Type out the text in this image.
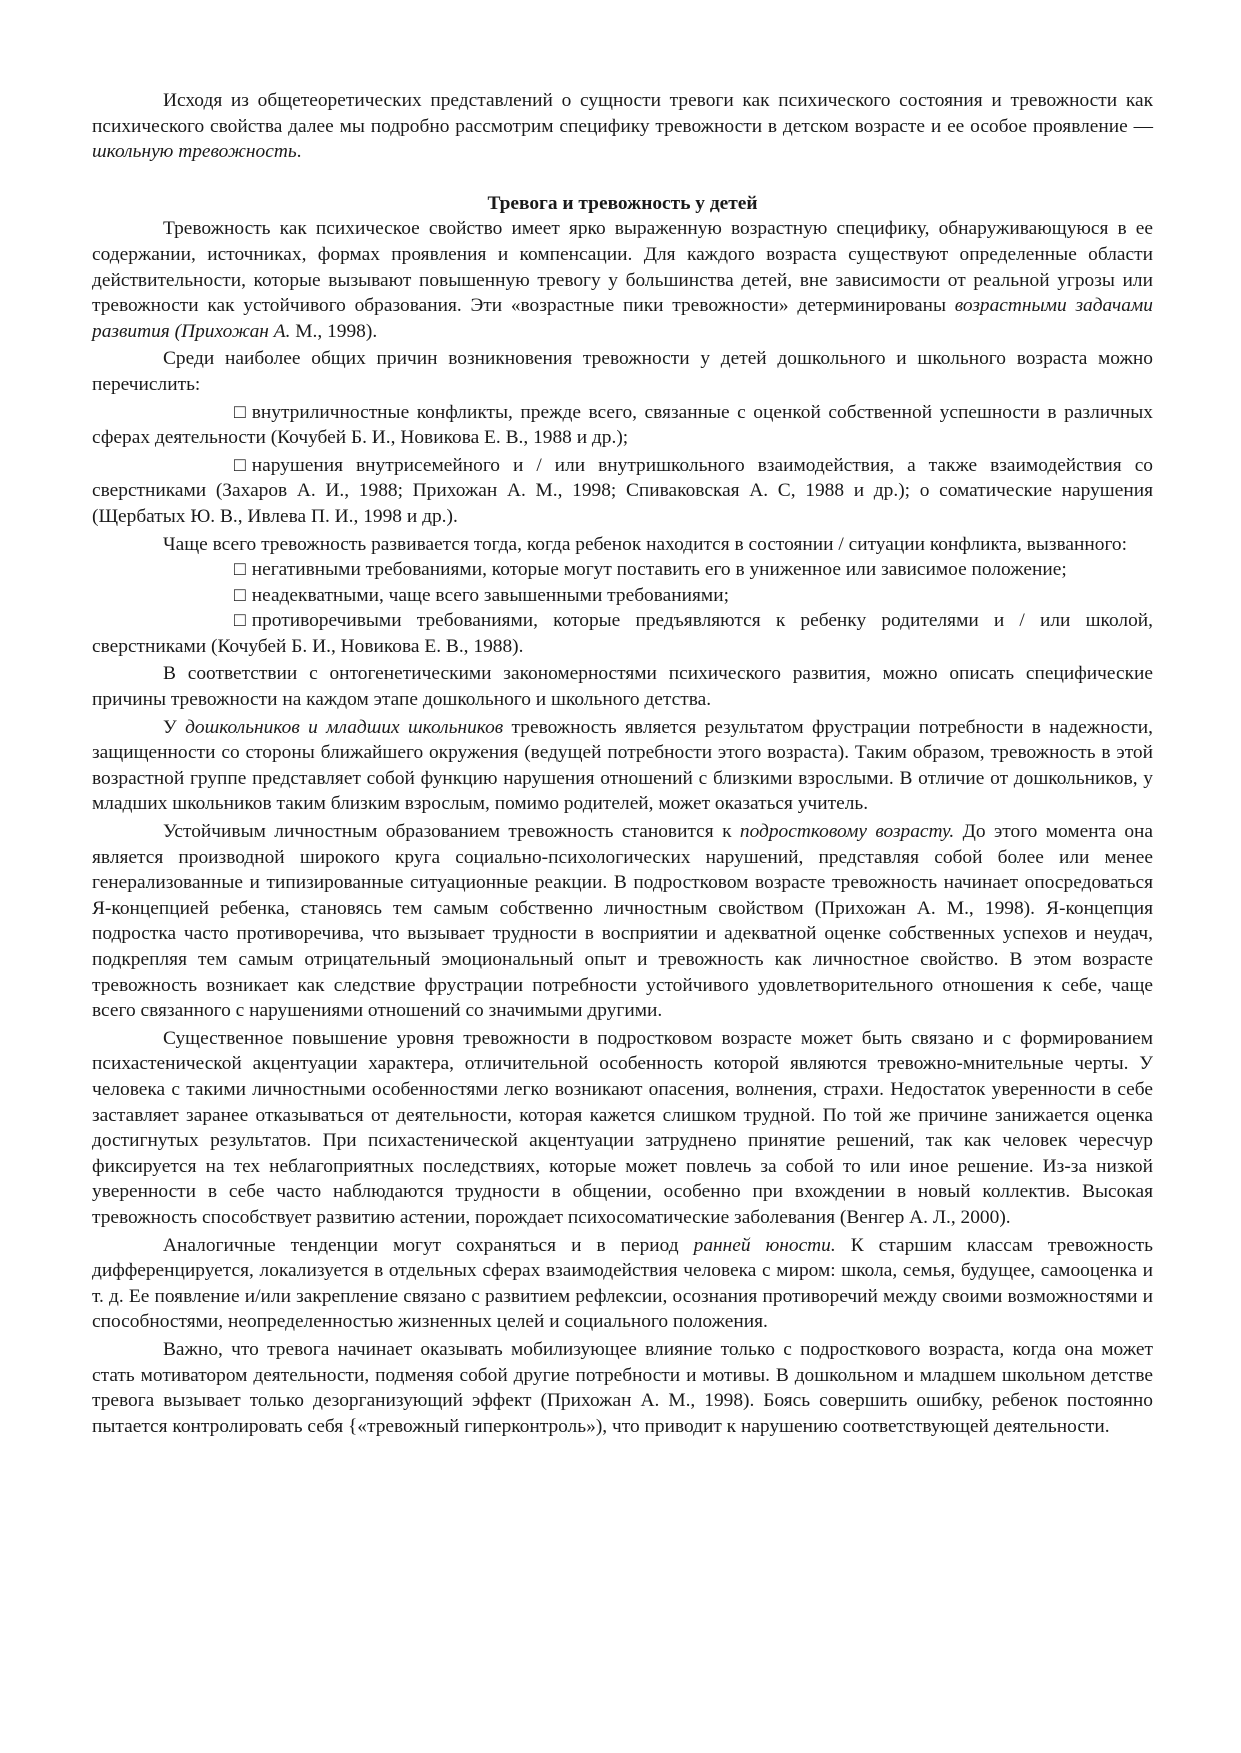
Исходя из общетеоретических представлений о сущности тревоги как психического состояния и тревожности как психического свойства далее мы подробно рассмотрим специфику тревожности в детском возрасте и ее особое проявление — школьную тревожность.

Тревога и тревожность у детей

Тревожность как психическое свойство имеет ярко выраженную возрастную специфику, обнаруживающуюся в ее содержании, источниках, формах проявления и компенсации. Для каждого возраста существуют определенные области действительности, которые вызывают повышенную тревогу у большинства детей, вне зависимости от реальной угрозы или тревожности как устойчивого образования. Эти «возрастные пики тревожности» детерминированы возрастными задачами развития (Прихожан А. М., 1998).

Среди наиболее общих причин возникновения тревожности у детей дошкольного и школьного возраста можно перечислить:

□ внутриличностные конфликты, прежде всего, связанные с оценкой собственной успешности в различных сферах деятельности (Кочубей Б. И., Новикова Е. В., 1988 и др.);

□ нарушения внутрисемейного и / или внутришкольного взаимодействия, а также взаимодействия со сверстниками (Захаров А. И., 1988; Прихожан А. М., 1998; Спиваковская А. С, 1988 и др.); о соматические нарушения (Щербатых Ю. В., Ивлева П. И., 1998 и др.).

Чаще всего тревожность развивается тогда, когда ребенок находится в состоянии / ситуации конфликта, вызванного:

□ негативными требованиями, которые могут поставить его в униженное или зависимое положение;

□ неадекватными, чаще всего завышенными требованиями;

□ противоречивыми требованиями, которые предъявляются к ребенку родителями и / или школой, сверстниками (Кочубей Б. И., Новикова Е. В., 1988).

В соответствии с онтогенетическими закономерностями психического развития, можно описать специфические причины тревожности на каждом этапе дошкольного и школьного детства.

У дошкольников и младших школьников тревожность является результатом фрустрации потребности в надежности, защищенности со стороны ближайшего окружения (ведущей потребности этого возраста). Таким образом, тревожность в этой возрастной группе представляет собой функцию нарушения отношений с близкими взрослыми. В отличие от дошкольников, у младших школьников таким близким взрослым, помимо родителей, может оказаться учитель.

Устойчивым личностным образованием тревожность становится к подростковому возрасту. До этого момента она является производной широкого круга социально-психологических нарушений, представляя собой более или менее генерализованные и типизированные ситуационные реакции. В подростковом возрасте тревожность начинает опосредоваться Я-концепцией ребенка, становясь тем самым собственно личностным свойством (Прихожан А. М., 1998). Я-концепция подростка часто противоречива, что вызывает трудности в восприятии и адекватной оценке собственных успехов и неудач, подкрепляя тем самым отрицательный эмоциональный опыт и тревожность как личностное свойство. В этом возрасте тревожность возникает как следствие фрустрации потребности устойчивого удовлетворительного отношения к себе, чаще всего связанного с нарушениями отношений со значимыми другими.

Существенное повышение уровня тревожности в подростковом возрасте может быть связано и с формированием психастенической акцентуации характера, отличительной особенность которой являются тревожно-мнительные черты. У человека с такими личностными особенностями легко возникают опасения, волнения, страхи. Недостаток уверенности в себе заставляет заранее отказываться от деятельности, которая кажется слишком трудной. По той же причине занижается оценка достигнутых результатов. При психастенической акцентуации затруднено принятие решений, так как человек чересчур фиксируется на тех неблагоприятных последствиях, которые может повлечь за собой то или иное решение. Из-за низкой уверенности в себе часто наблюдаются трудности в общении, особенно при вхождении в новый коллектив. Высокая тревожность способствует развитию астении, порождает психосоматические заболевания (Венгер А. Л., 2000).

Аналогичные тенденции могут сохраняться и в период ранней юности. К старшим классам тревожность дифференцируется, локализуется в отдельных сферах взаимодействия человека с миром: школа, семья, будущее, самооценка и т. д. Ее появление и/или закрепление связано с развитием рефлексии, осознания противоречий между своими возможностями и способностями, неопределенностью жизненных целей и социального положения.

Важно, что тревога начинает оказывать мобилизующее влияние только с подросткового возраста, когда она может стать мотиватором деятельности, подменяя собой другие потребности и мотивы. В дошкольном и младшем школьном детстве тревога вызывает только дезорганизующий эффект (Прихожан А. М., 1998). Боясь совершить ошибку, ребенок постоянно пытается контролировать себя {«тревожный гиперконтроль»), что приводит к нарушению соответствующей деятельности.
